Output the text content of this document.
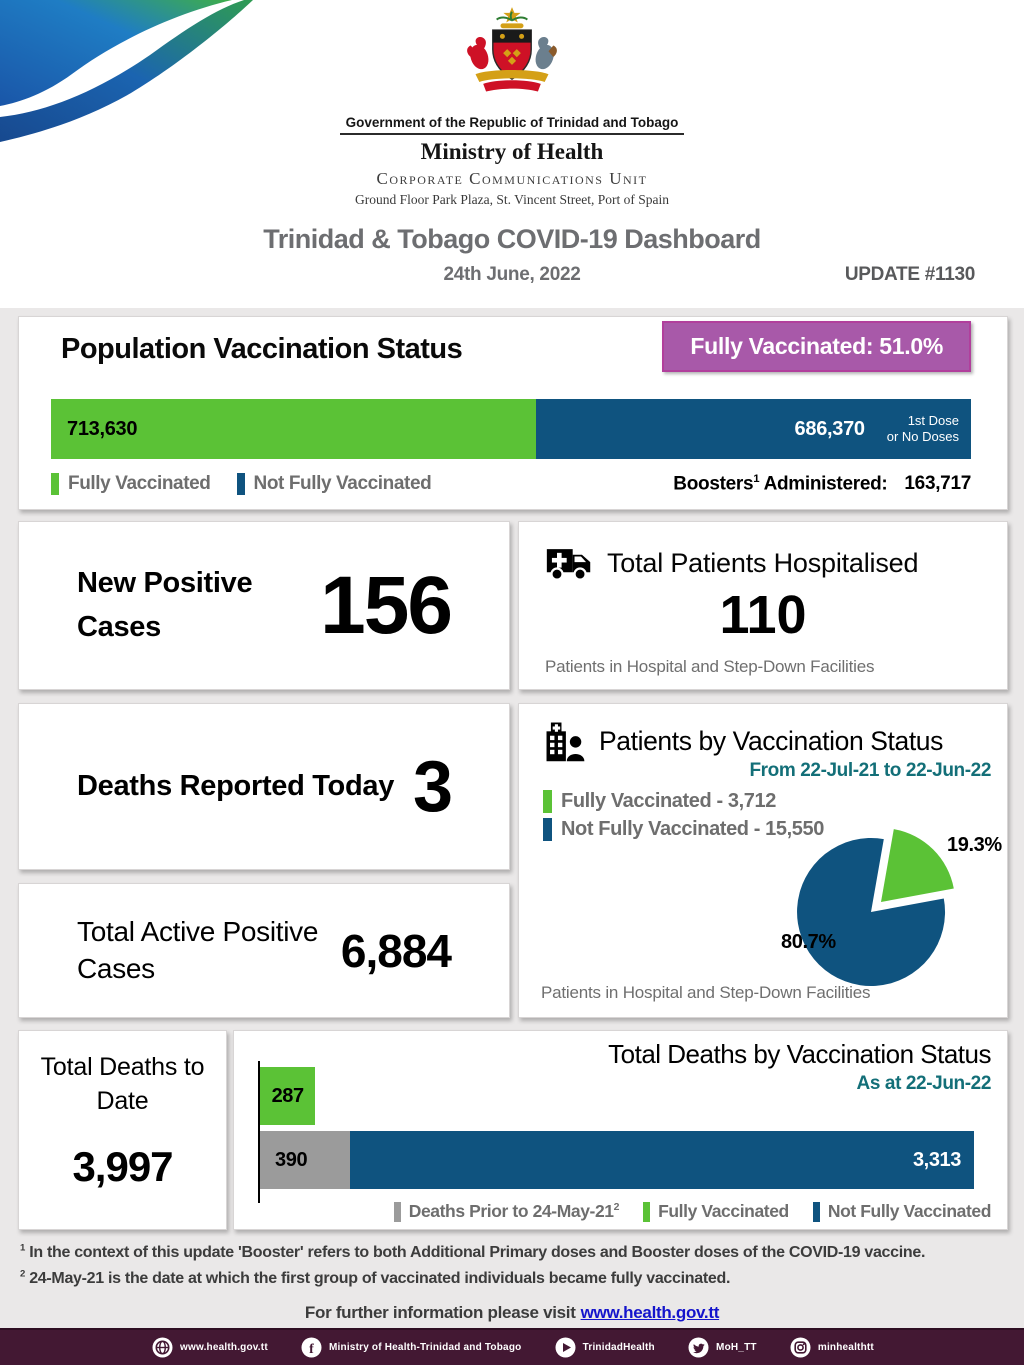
Government of the Republic of Trinidad and Tobago
Ministry of Health
Corporate Communications Unit
Ground Floor Park Plaza, St. Vincent Street, Port of Spain
Trinidad & Tobago COVID-19 Dashboard
24th June, 2022	UPDATE #1130
Population Vaccination Status	Fully Vaccinated: 51.0%
713,630	686,370	1st Dose
or No Doses
Fully Vaccinated Not Fully Vaccinated	Boosters$^1$ Administered: 163,717
New Positive Cases	156	Total Patients Hospitalised
110
Patients in Hospital and Step-Down Facilities
Deaths Reported Today 3
Patients by Vaccination Status
From 22-Jul-21 to 22-Jun-22
Fully Vaccinated - 3,712
Not Fully Vaccinated - 15,550
19.3%
80.7%
Patients in Hospital and Step-Down Facilities
Total Active Positive Cases	6,884
Total Deaths to Date
3,997
Total Deaths by Vaccination Status
As at 22-Jun-22
287
390	3,313
Deaths Prior to $24-May-21^2$ Fully Vaccinated Not Fully Vaccinated
$^1$ In the context of this update 'Booster' refers to both Additional Primary doses and Booster doses of the COVID-19 vaccine.
$^2$ 24-May-21 is the date at which the first group of vaccinated individuals became fully vaccinated.
For further information please visit www.health.gov.tt
www.health.gov.tt	f Ministry of Health-Trinidad and Tobago	TrinidadHealth	MoH_TT	minhealthtt
